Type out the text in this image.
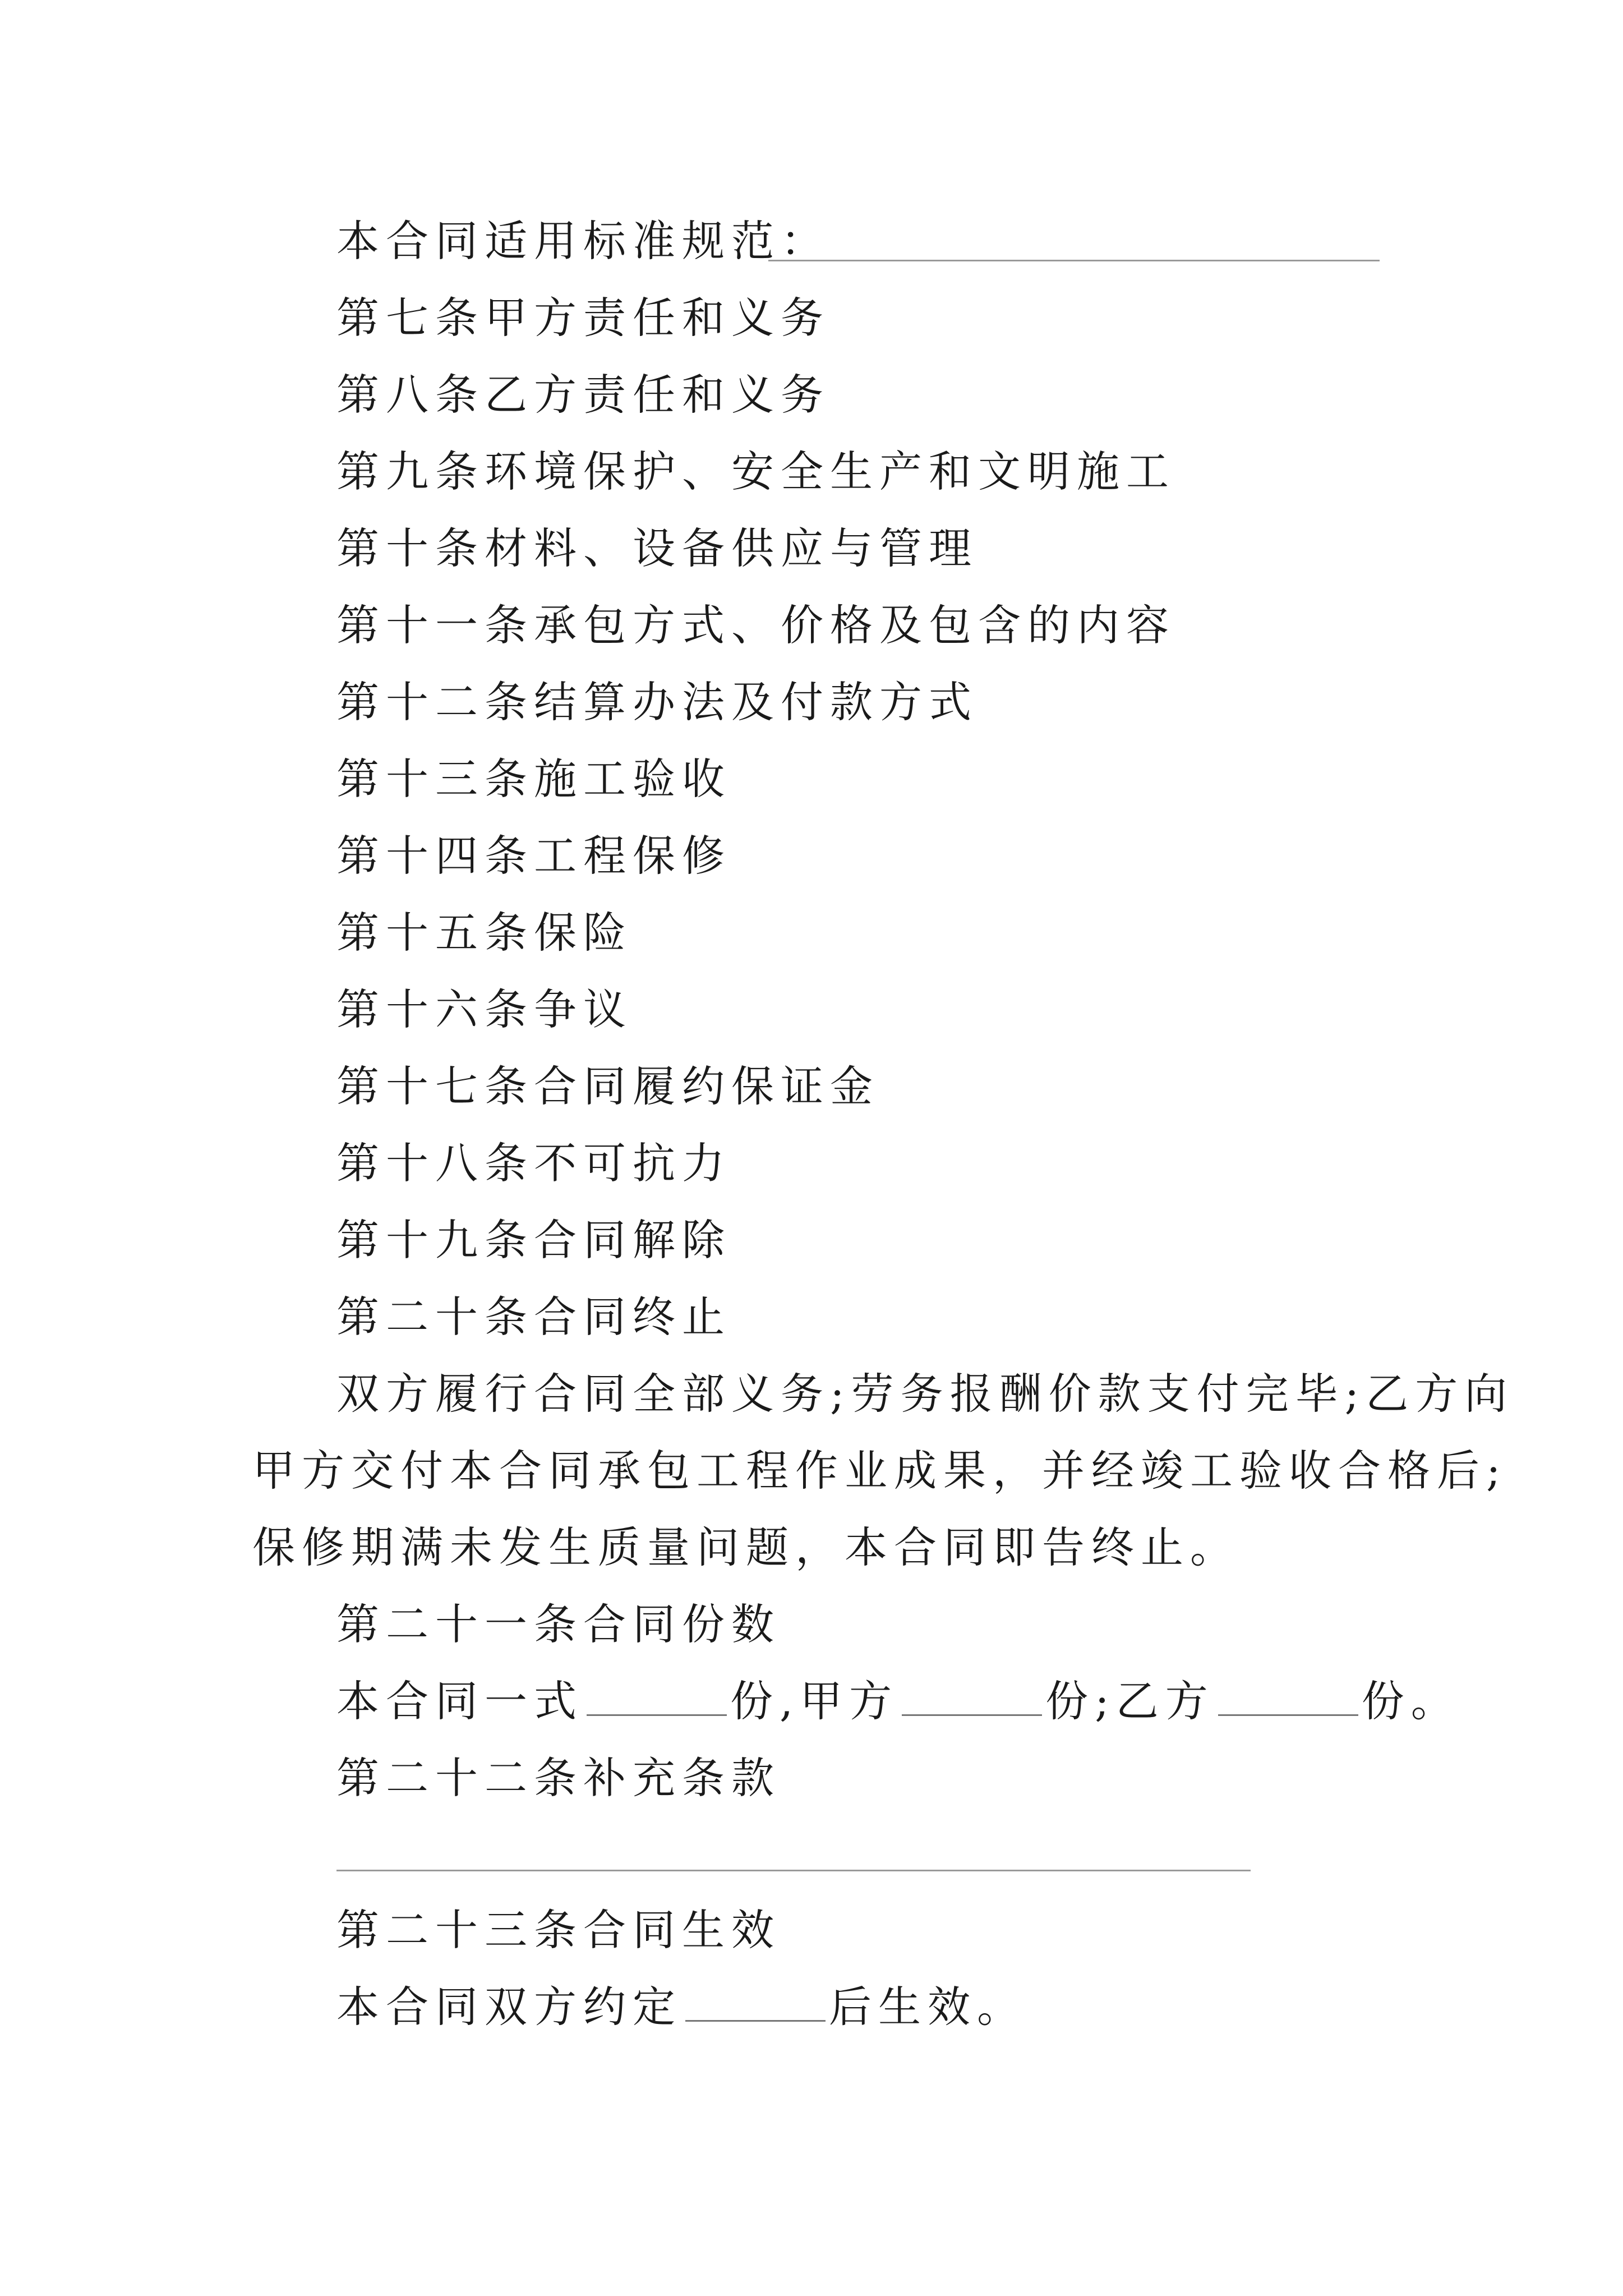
本合同适用标准规范：
第七条甲方责任和义务
第八条乙方责任和义务
第九条环境保护、安全生产和文明施工
第十条材料、设备供应与管理
第十一条承包方式、价格及包含的内容
第十二条结算办法及付款方式
第十三条施工验收
第十四条工程保修
第十五条保险
第十六条争议
第十七条合同履约保证金
第十八条不可抗力
第十九条合同解除
第二十条合同终止
双方履行合同全部义务;劳务报酬价款支付完毕;乙方向
甲方交付本合同承包工程作业成果，并经竣工验收合格后;
保修期满未发生质量问题，本合同即告终止。
第二十一条合同份数
本合同一式	份,甲方	份;乙方	份。
第二十二条补充条款
第二十三条合同生效
本合同双方约定	后生效。
